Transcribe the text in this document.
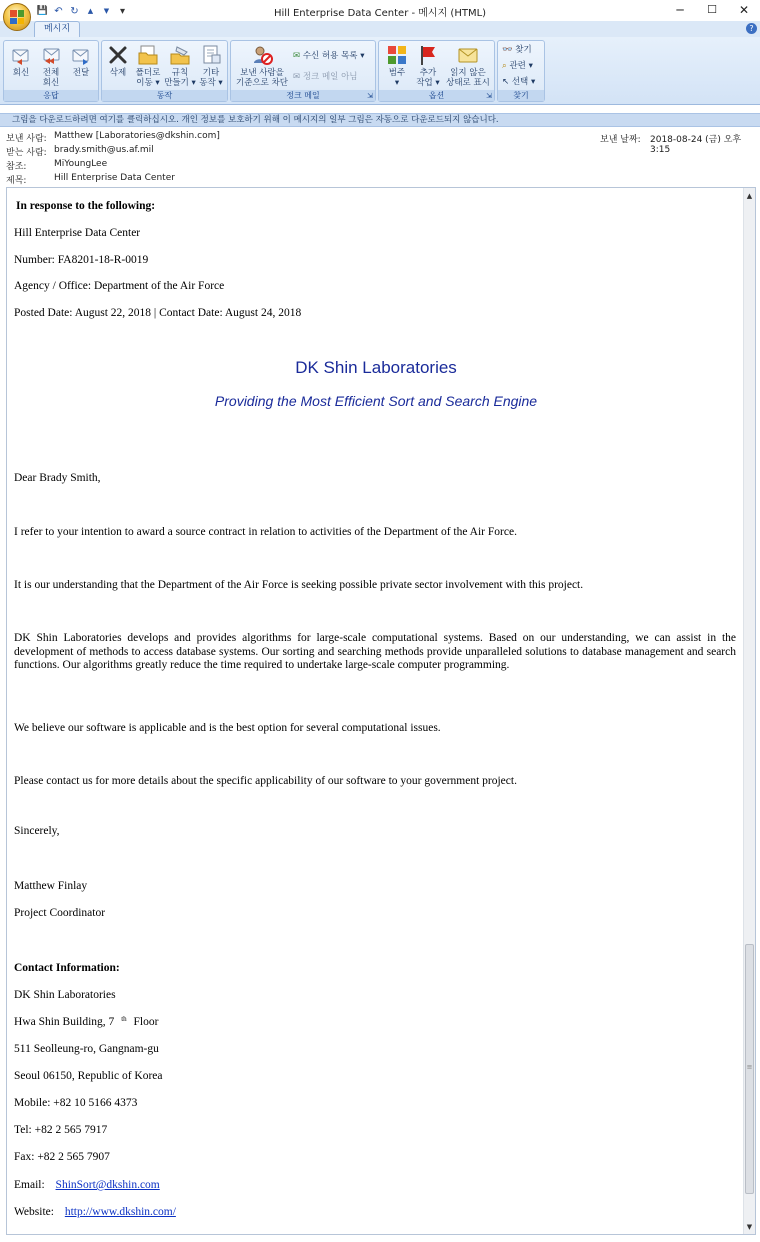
💾 ↶ ↻	▲	▼	▾	Hill Enterprise Data Center - 메시지 (HTML)	─	☐	✕
메시지	?
회신	전체
회신
전달
응답
삭제	폴더로
이동 ▾
규칙
만들기 ▾
기타
동작 ▾
동작
보낸 사람을
기준으로 차단
✉ 수신 허용 목록 ▾
✉ 정크 메일 아님
정크 메일	⇲
범주
▾
추가
작업 ▾
읽지 않은
상태로 표시
옵션	⇲
👓 찾기
⌕ 관련 ▾
↖ 선택 ▾
찾기
그림을 다운로드하려면 여기를 클릭하십시오. 개인 정보를 보호하기 위해 이 메시지의 일부 그림은 자동으로 다운로드되지 않습니다.
보낸 사람: Matthew [Laboratories@dkshin.com]
받는 사람: brady.smith@us.af.mil
참조:	MiYoungLee
제목:	Hill Enterprise Data Center
보낸 날짜: 2018-08-24 (금) 오후 3:15
In response to the following:
Hill Enterprise Data Center
Number: FA8201-18-R-0019
Agency / Office: Department of the Air Force
Posted Date: August 22, 2018 | Contact Date: August 24, 2018
DK Shin Laboratories
Providing the Most Efficient Sort and Search Engine
Dear Brady Smith,
I refer to your intention to award a source contract in relation to activities of the Department of the Air Force.
It is our understanding that the Department of the Air Force is seeking possible private sector involvement with this project.
DK Shin Laboratories develops and provides algorithms for large-scale computational systems. Based on our understanding, we can assist in the development of methods to access database systems. Our sorting and searching methods provide unparalleled solutions to database management and search functions. Our algorithms greatly reduce the time required to undertake large-scale computer programming.
We believe our software is applicable and is the best option for several computational issues.
Please contact us for more details about the specific applicability of our software to your government project.
Sincerely,
Matthew Finlay
Project Coordinator
Contact Information:
DK Shin Laboratories
Hwa Shin Building, 7 $^{th}$ Floor
511 Seolleung-ro, Gangnam-gu
Seoul 06150, Republic of Korea
Mobile: +82 10 5166 4373
Tel: +82 2 565 7917
Fax: +82 2 565 7907
Email: ShinSort@dkshin.com
Website: http://www.dkshin.com/
▲
≡
▼
